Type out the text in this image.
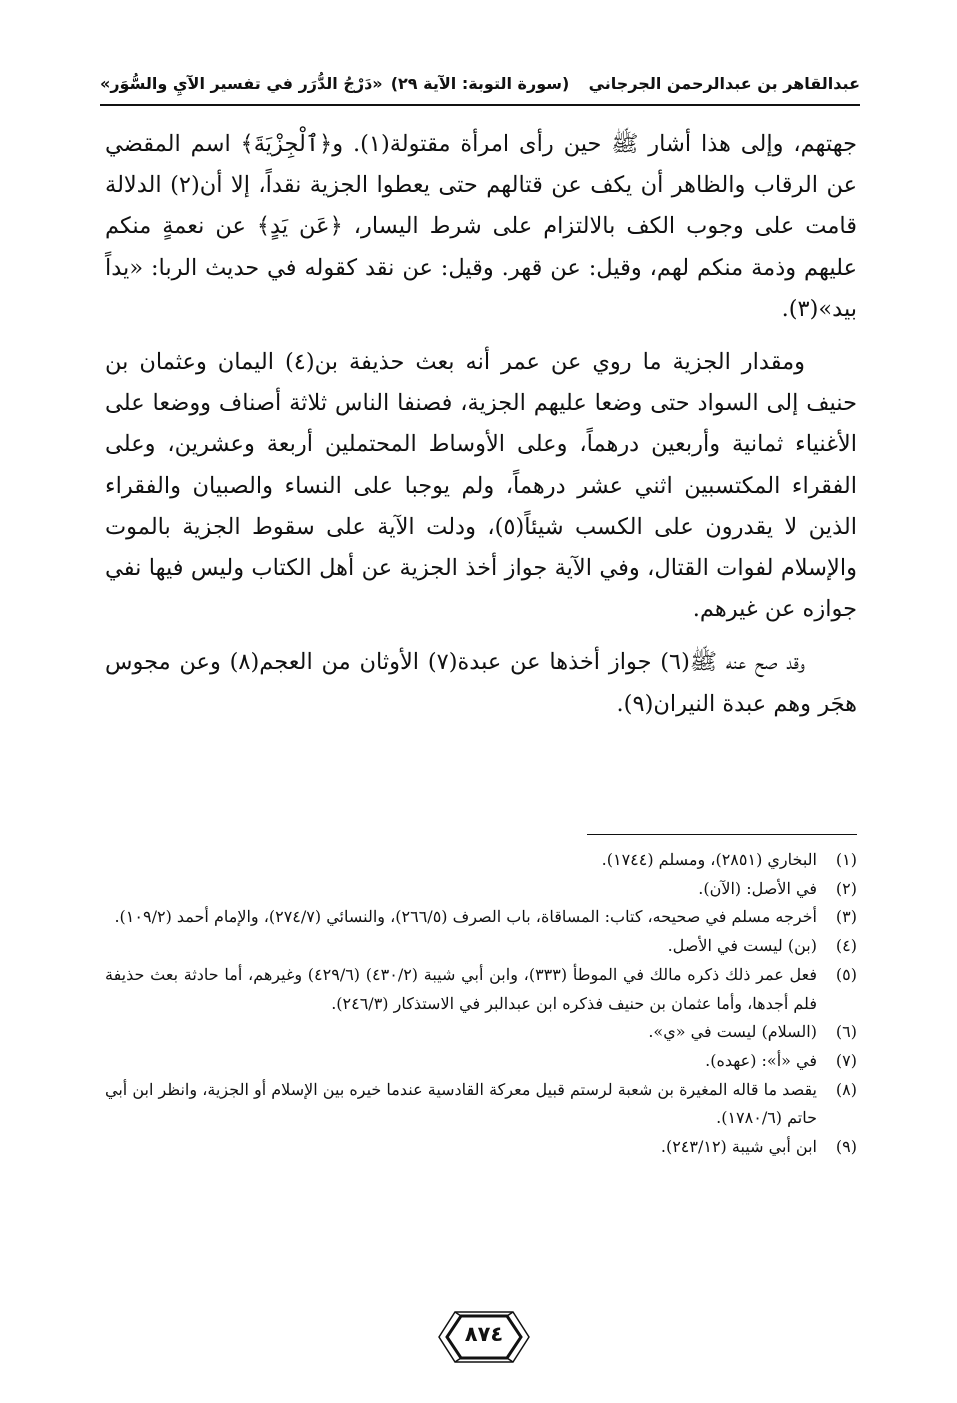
عبدالقاهر بن عبدالرحمن الجرجاني
(سورة التوبة: الآية ٢٩)
«دَرْجُ الدُّرَر في تفسير الآيِ والسُّوَر»

جهتهم، وإلى هذا أشار ﷺ حين رأى امرأة مقتولة(١). و﴿ٱلْجِزْيَةَ﴾ اسم المقضي عن الرقاب والظاهر أن يكف عن قتالهم حتى يعطوا الجزية نقداً، إلا أن(٢) الدلالة قامت على وجوب الكف بالالتزام على شرط اليسار، ﴿عَن يَدٍ﴾ عن نعمةٍ منكم عليهم وذمة منكم لهم، وقيل: عن قهر. وقيل: عن نقد كقوله في حديث الربا: «يداً بيد»(٣).

ومقدار الجزية ما روي عن عمر أنه بعث حذيفة بن(٤) اليمان وعثمان بن حنيف إلى السواد حتى وضعا عليهم الجزية، فصنفا الناس ثلاثة أصناف ووضعا على الأغنياء ثمانية وأربعين درهماً، وعلى الأوساط المحتملين أربعة وعشرين، وعلى الفقراء المكتسبين اثني عشر درهماً، ولم يوجبا على النساء والصبيان والفقراء الذين لا يقدرون على الكسب شيئاً(٥)، ودلت الآية على سقوط الجزية بالموت والإسلام لفوات القتال، وفي الآية جواز أخذ الجزية عن أهل الكتاب وليس فيها نفي جوازه عن غيرهم.

وقد صح عنه ﷺ(٦) جواز أخذها عن عبدة(٧) الأوثان من العجم(٨) وعن مجوس هجَر وهم عبدة النيران(٩).

(١)
البخاري (٢٨٥١)، ومسلم (١٧٤٤).
(٢)
في الأصل: (الآن).
(٣)
أخرجه مسلم في صحيحه، كتاب: المساقاة، باب الصرف (٢٦٦/٥)، والنسائي (٢٧٤/٧)، والإمام أحمد (١٠٩/٢).
(٤)
(بن) ليست في الأصل.
(٥)
فعل عمر ذلك ذكره مالك في الموطأ (٣٣٣)، وابن أبي شيبة (٤٣٠/٢) (٤٢٩/٦) وغيرهم، أما حادثة بعث حذيفة فلم أجدها، وأما عثمان بن حنيف فذكره ابن عبدالبر في الاستذكار (٢٤٦/٣).
(٦)
(السلام) ليست في «ي».
(٧)
في «أ»: (عهده).
(٨)
يقصد ما قاله المغيرة بن شعبة لرستم قبيل معركة القادسية عندما خيره بين الإسلام أو الجزية، وانظر ابن أبي حاتم (١٧٨٠/٦).
(٩)
ابن أبي شيبة (٢٤٣/١٢).
٨٧٤
